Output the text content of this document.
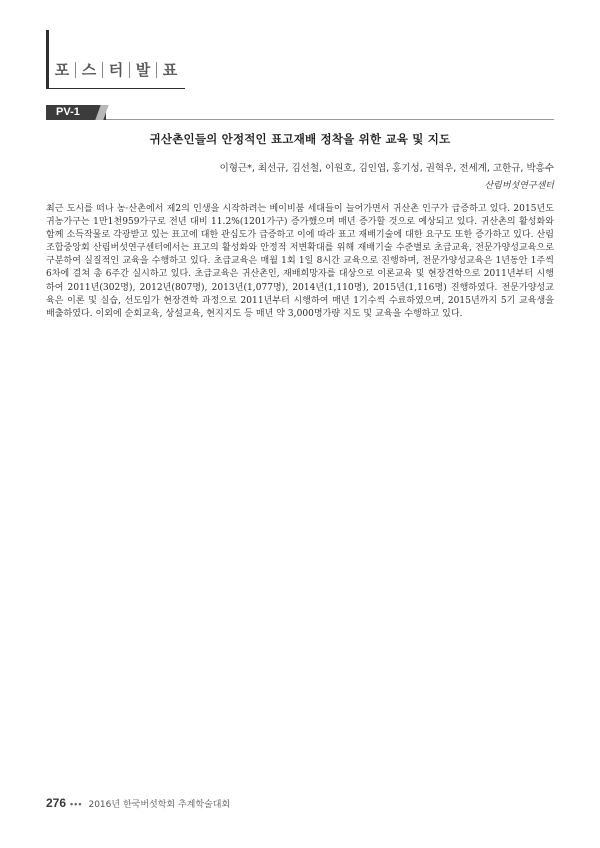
포 스 터 발 표
PV-1
귀산촌인들의 안정적인 표고재배 정착을 위한 교육 및 지도
이형근*, 최선규, 김선철, 이원호, 김인엽, 홍기성, 권혁우, 전세계, 고한규, 박흥수
산림버섯연구센터
최근 도시를 떠나 농·산촌에서 제2의 인생을 시작하려는 베이비붐 세대들이 늘어가면서 귀산촌 인구가 급증하고 있다. 2015년도 귀농가구는 1만1천959가구로 전년 대비 11.2%(1201가구) 증가했으며 매년 증가할 것으로 예상되고 있다. 귀산촌의 활성화와 함께 소득작물로 각광받고 있는 표고에 대한 관심도가 급증하고 이에 따라 표고 재배기술에 대한 요구도 또한 증가하고 있다. 산림조합중앙회 산림버섯연구센터에서는 표고의 활성화와 안정적 저변확대를 위해 재배기술 수준별로 초급교육, 전문가양성교육으로 구분하여 실질적인 교육을 수행하고 있다. 초급교육은 매월 1회 1일 8시간 교육으로 진행하며, 전문가양성교육은 1년동안 1주씩 6차에 걸쳐 총 6주간 실시하고 있다. 초급교육은 귀산촌인, 재배희망자를 대상으로 이론교육 및 현장견학으로 2011년부터 시행하여 2011년(302명), 2012년(807명), 2013년(1,077명), 2014년(1,110명), 2015년(1,116명) 진행하였다. 전문가양성교육은 이론 및 실습, 선도임가 현장견학 과정으로 2011년부터 시행하여 매년 1기수씩 수료하였으며, 2015년까지 5기 교육생을 배출하였다. 이외에 순회교육, 상설교육, 현지지도 등 매년 약 3,000명가량 지도 및 교육을 수행하고 있다.
276 ••• 2016년 한국버섯학회 추계학술대회
